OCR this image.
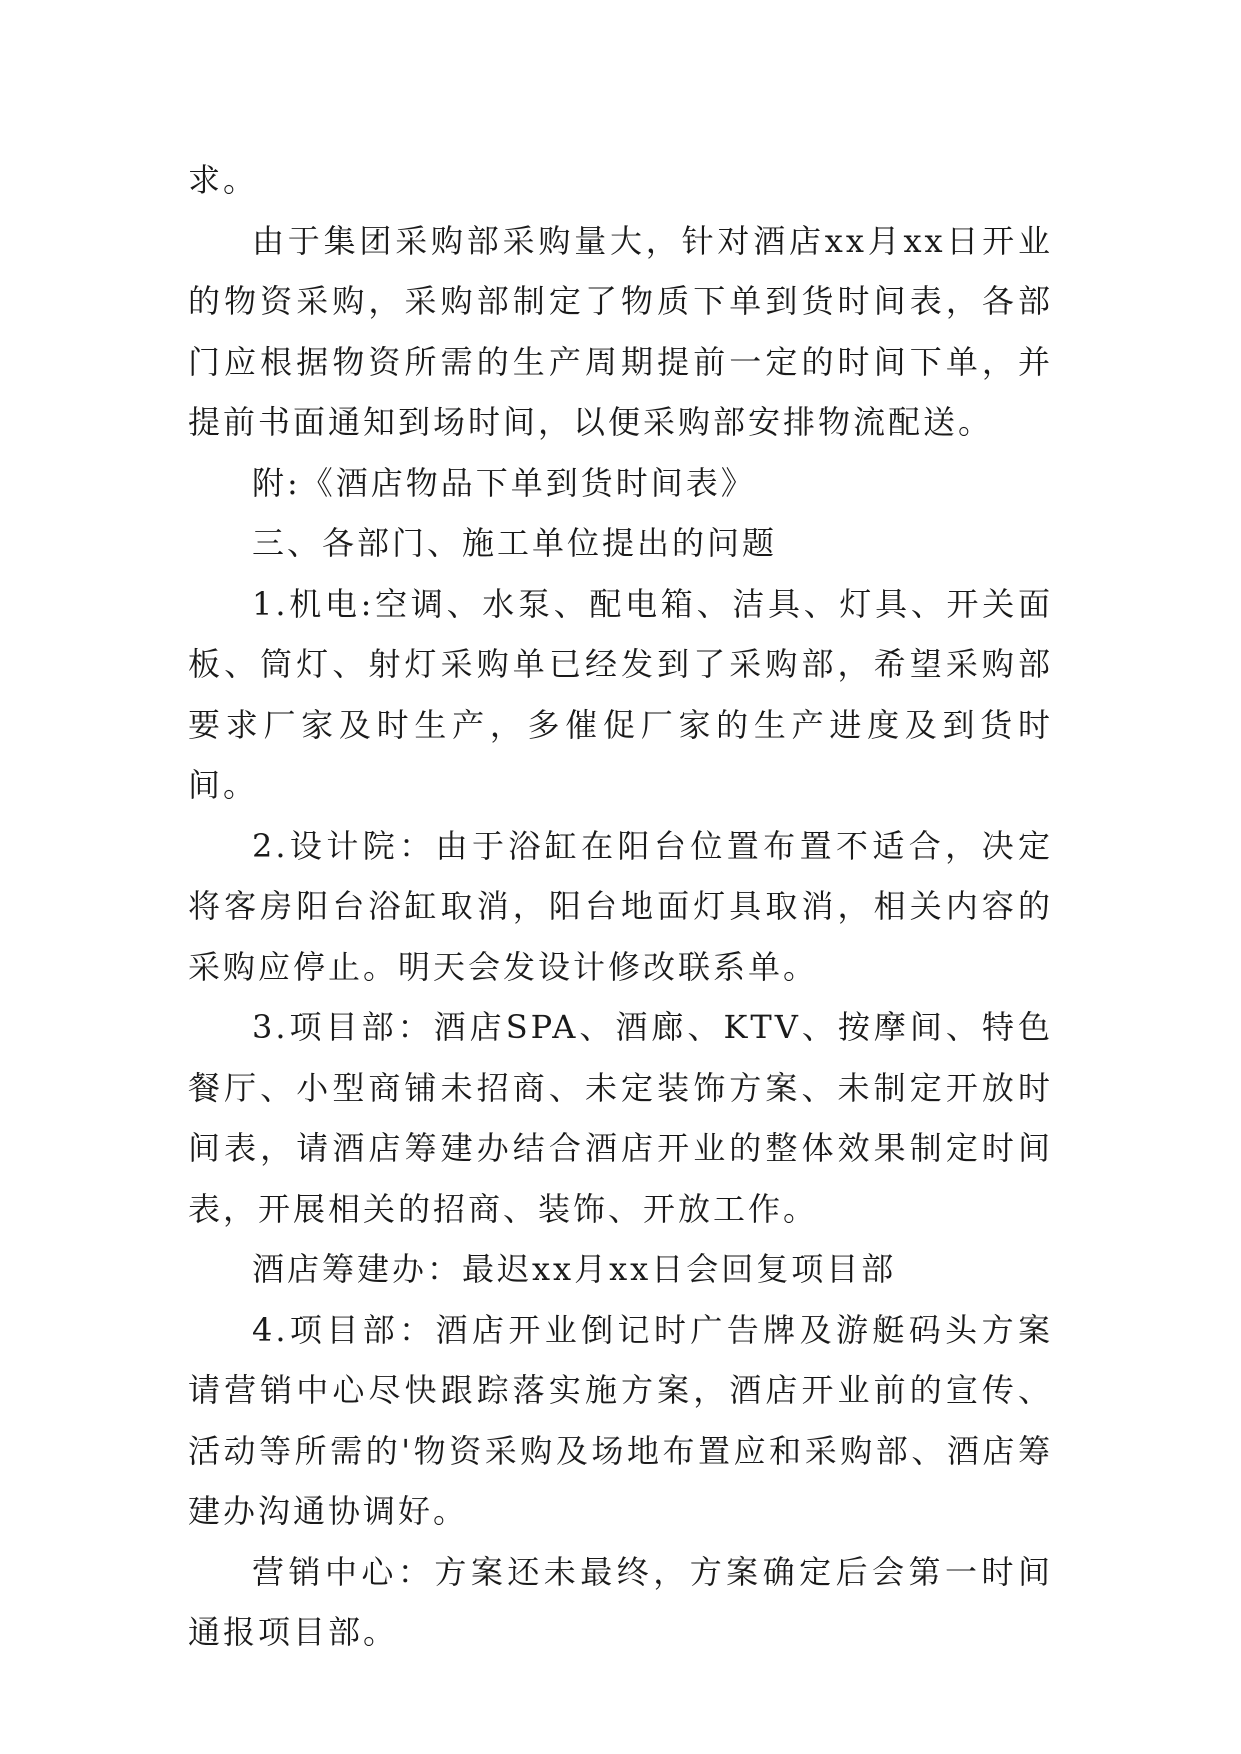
求。

由于集团采购部采购量大，针对酒店xx月xx日开业的物资采购，采购部制定了物质下单到货时间表，各部门应根据物资所需的生产周期提前一定的时间下单，并提前书面通知到场时间，以便采购部安排物流配送。

附:《酒店物品下单到货时间表》

三、各部门、施工单位提出的问题

1.机电:空调、水泵、配电箱、洁具、灯具、开关面板、筒灯、射灯采购单已经发到了采购部，希望采购部要求厂家及时生产，多催促厂家的生产进度及到货时间。

2.设计院：由于浴缸在阳台位置布置不适合，决定将客房阳台浴缸取消，阳台地面灯具取消，相关内容的采购应停止。明天会发设计修改联系单。

3.项目部：酒店SPA、酒廊、KTV、按摩间、特色餐厅、小型商铺未招商、未定装饰方案、未制定开放时间表，请酒店筹建办结合酒店开业的整体效果制定时间表，开展相关的招商、装饰、开放工作。

酒店筹建办：最迟xx月xx日会回复项目部

4.项目部：酒店开业倒记时广告牌及游艇码头方案请营销中心尽快跟踪落实施方案，酒店开业前的宣传、活动等所需的'物资采购及场地布置应和采购部、酒店筹建办沟通协调好。

营销中心：方案还未最终，方案确定后会第一时间通报项目部。
